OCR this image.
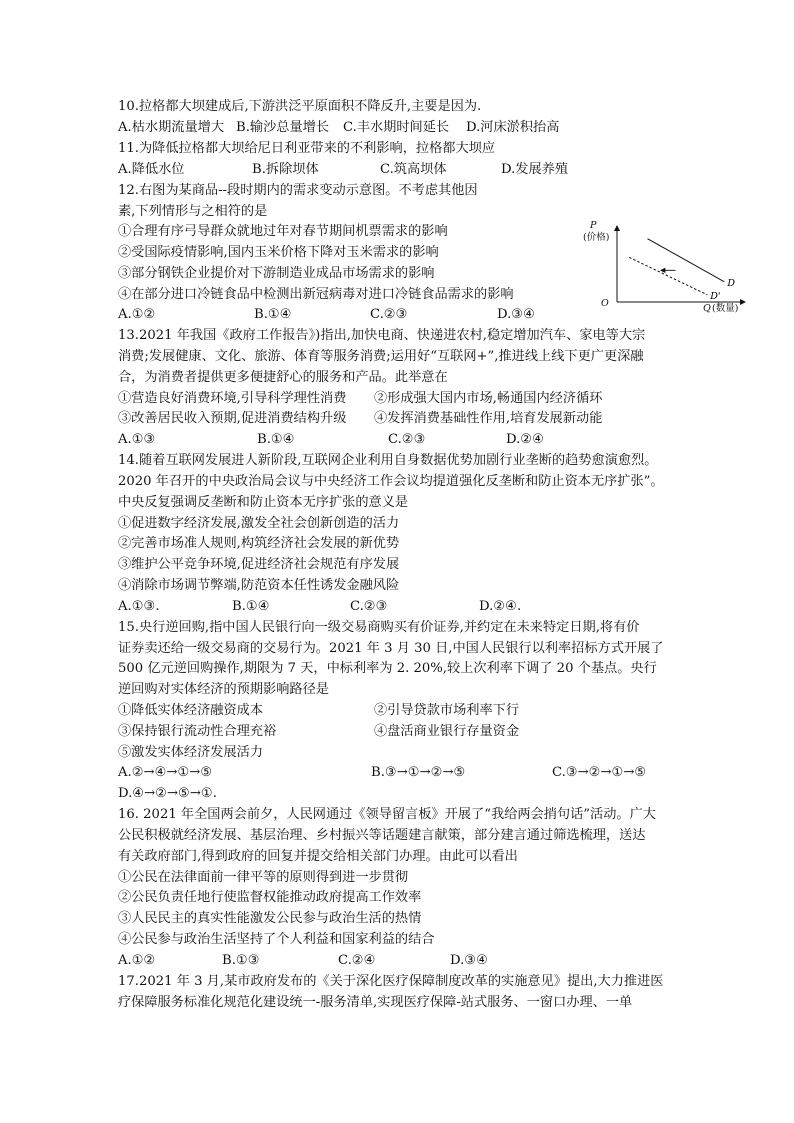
10.拉格都大坝建成后,下游洪泛平原面积不降反升,主要是因为.
A.枯水期流量增大 B.输沙总量增长 C.丰水期时间延长 D.河床淤积抬高
11.为降低拉格都大坝给尼日利亚带来的不利影响，拉格都大坝应
A.降低水位	B.拆除坝体	C.筑高坝体	D.发展养殖
12.右图为某商品--段时期内的需求变动示意图。不考虑其他因
素,下列情形与之相符的是
①合理有序弓导群众就地过年对春节期间机票需求的影响
②受国际疫情影响,国内玉米价格下降对玉米需求的影响
③部分钢铁企业提价对下游制造业成品市场需求的影响
④在部分进口冷链食品中检测出新冠病毒对进口冷链食品需求的影响
A.①②	B.①④	C.②③	D.③④
P
(价格)
O	Q (数量)
D
D'
13.2021 年我国《政府工作报告》)指出,加快电商、快递进农村,稳定增加汽车、家电等大宗
消费;发展健康、文化、旅游、体育等服务消费;运用好“互联网+”,推进线上线下更广更深融
合，为消费者提供更多便捷舒心的服务和产品。此举意在
①营造良好消费环境,引导科学理性消费 ②形成强大国内市场,畅通国内经济循环
③改善居民收入预期,促进消费结构升级 ④发挥消费基础性作用,培育发展新动能
A.①③	B.①④	C.②③	D.②④
14.随着互联网发展进人新阶段,互联网企业利用自身数据优势加剧行业垄断的趋势愈演愈烈。
2020 年召开的中央政治局会议与中央经济工作会议均提道强化反垄断和防止资本无序扩张”。
中央反复强调反垄断和防止资本无序扩张的意义是
①促进数字经济发展,激发全社会创新创造的活力
②完善市场准人规则,构筑经济社会发展的新优势
③维护公平竞争环境,促进经济社会规范有序发展
④消除市场调节弊端,防范资本任性诱发金融风险
A.①③.	B.①④	C.②③	D.②④.
15.央行逆回购,指中国人民银行向一级交易商购买有价证券,并约定在未来特定日期,将有价
证券卖还给一级交易商的交易行为。2021 年 3 月 30 日,中国人民银行以利率招标方式开展了
500 亿元逆回购操作,期限为 7 天，中标利率为 2. 20%,较上次利率下调了 20 个基点。央行
逆回购对实体经济的预期影响路径是
①降低实体经济融资成本	②引导贷款市场利率下行
③保持银行流动性合理充裕	④盘活商业银行存量资金
⑤激发实体经济发展活力
A.②→④→①→⑤	B.③→①→②→⑤	C.③→②→①→⑤
D.④→②→⑤→①.
16. 2021 年全国两会前夕，人民网通过《领导留言板》开展了“我给两会捎句话”活动。广大
公民积极就经济发展、基层治理、乡村振兴等话题建言献策，部分建言通过筛选梳理，送达
有关政府部门,得到政府的回复并提交给相关部门办理。由此可以看出
①公民在法律面前一律平等的原则得到进一步贯彻
②公民负责任地行使监督权能推动政府提高工作效率
③人民民主的真实性能激发公民参与政治生活的热情
④公民参与政治生活坚持了个人利益和国家利益的结合
A.①②	B.①③	C.②④	D.③④
17.2021 年 3 月,某市政府发布的《关于深化医疗保障制度改革的实施意见》提出,大力推进医
疗保障服务标准化规范化建设统一-服务清单,实现医疗保障-站式服务、一窗口办理、一单
